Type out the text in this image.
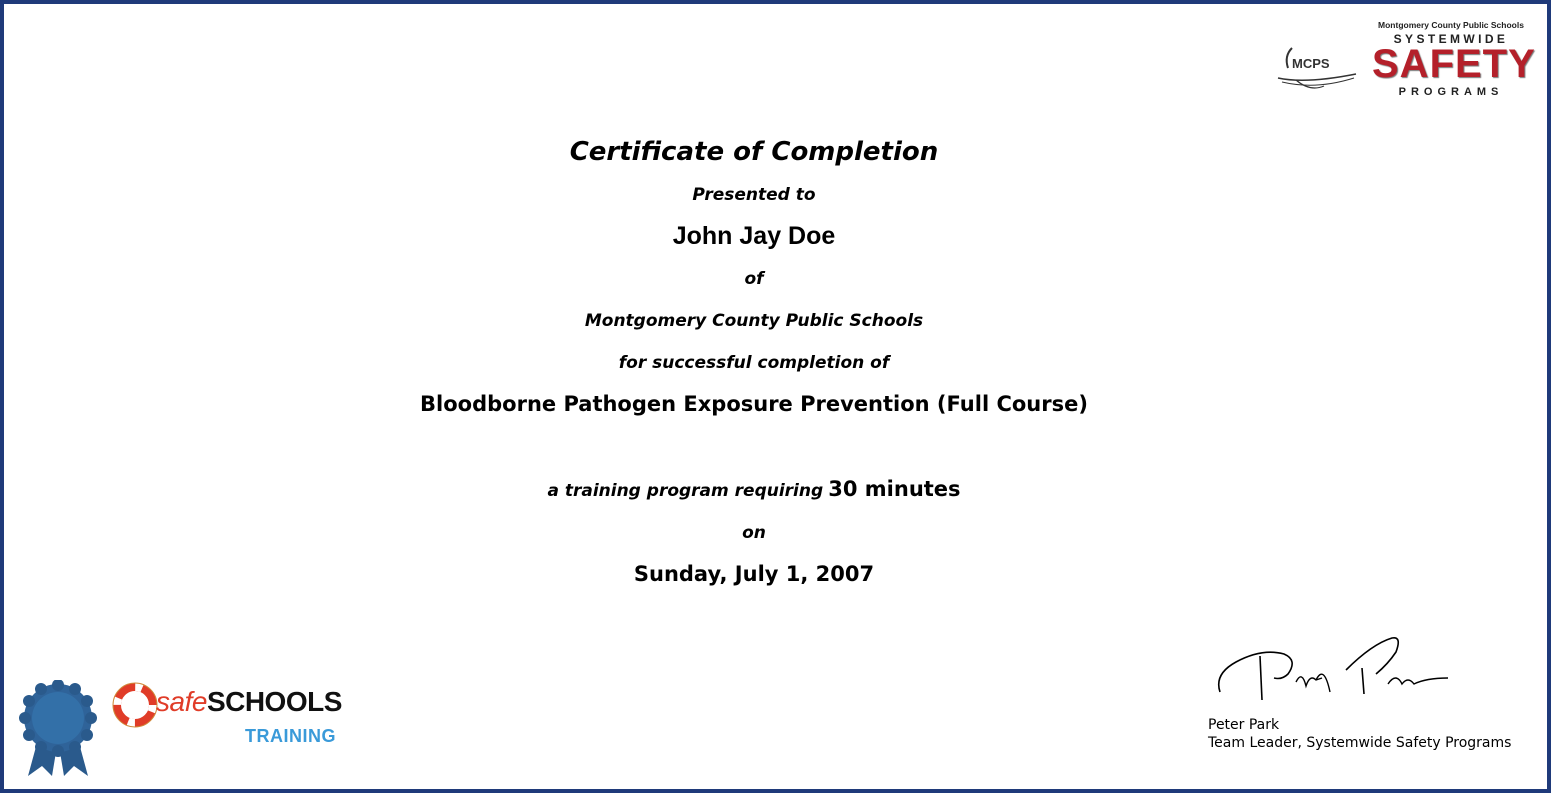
MCPS
Montgomery County Public Schools
SYSTEMWIDE
SAFETY
PROGRAMS
Certificate of Completion
Presented to
John Jay Doe
of
Montgomery County Public Schools
for successful completion of
Bloodborne Pathogen Exposure Prevention (Full Course)
a training program requiring 30 minutes
on
Sunday, July 1, 2007
safeSCHOOLS
TRAINING
Peter Park
Team Leader, Systemwide Safety Programs
